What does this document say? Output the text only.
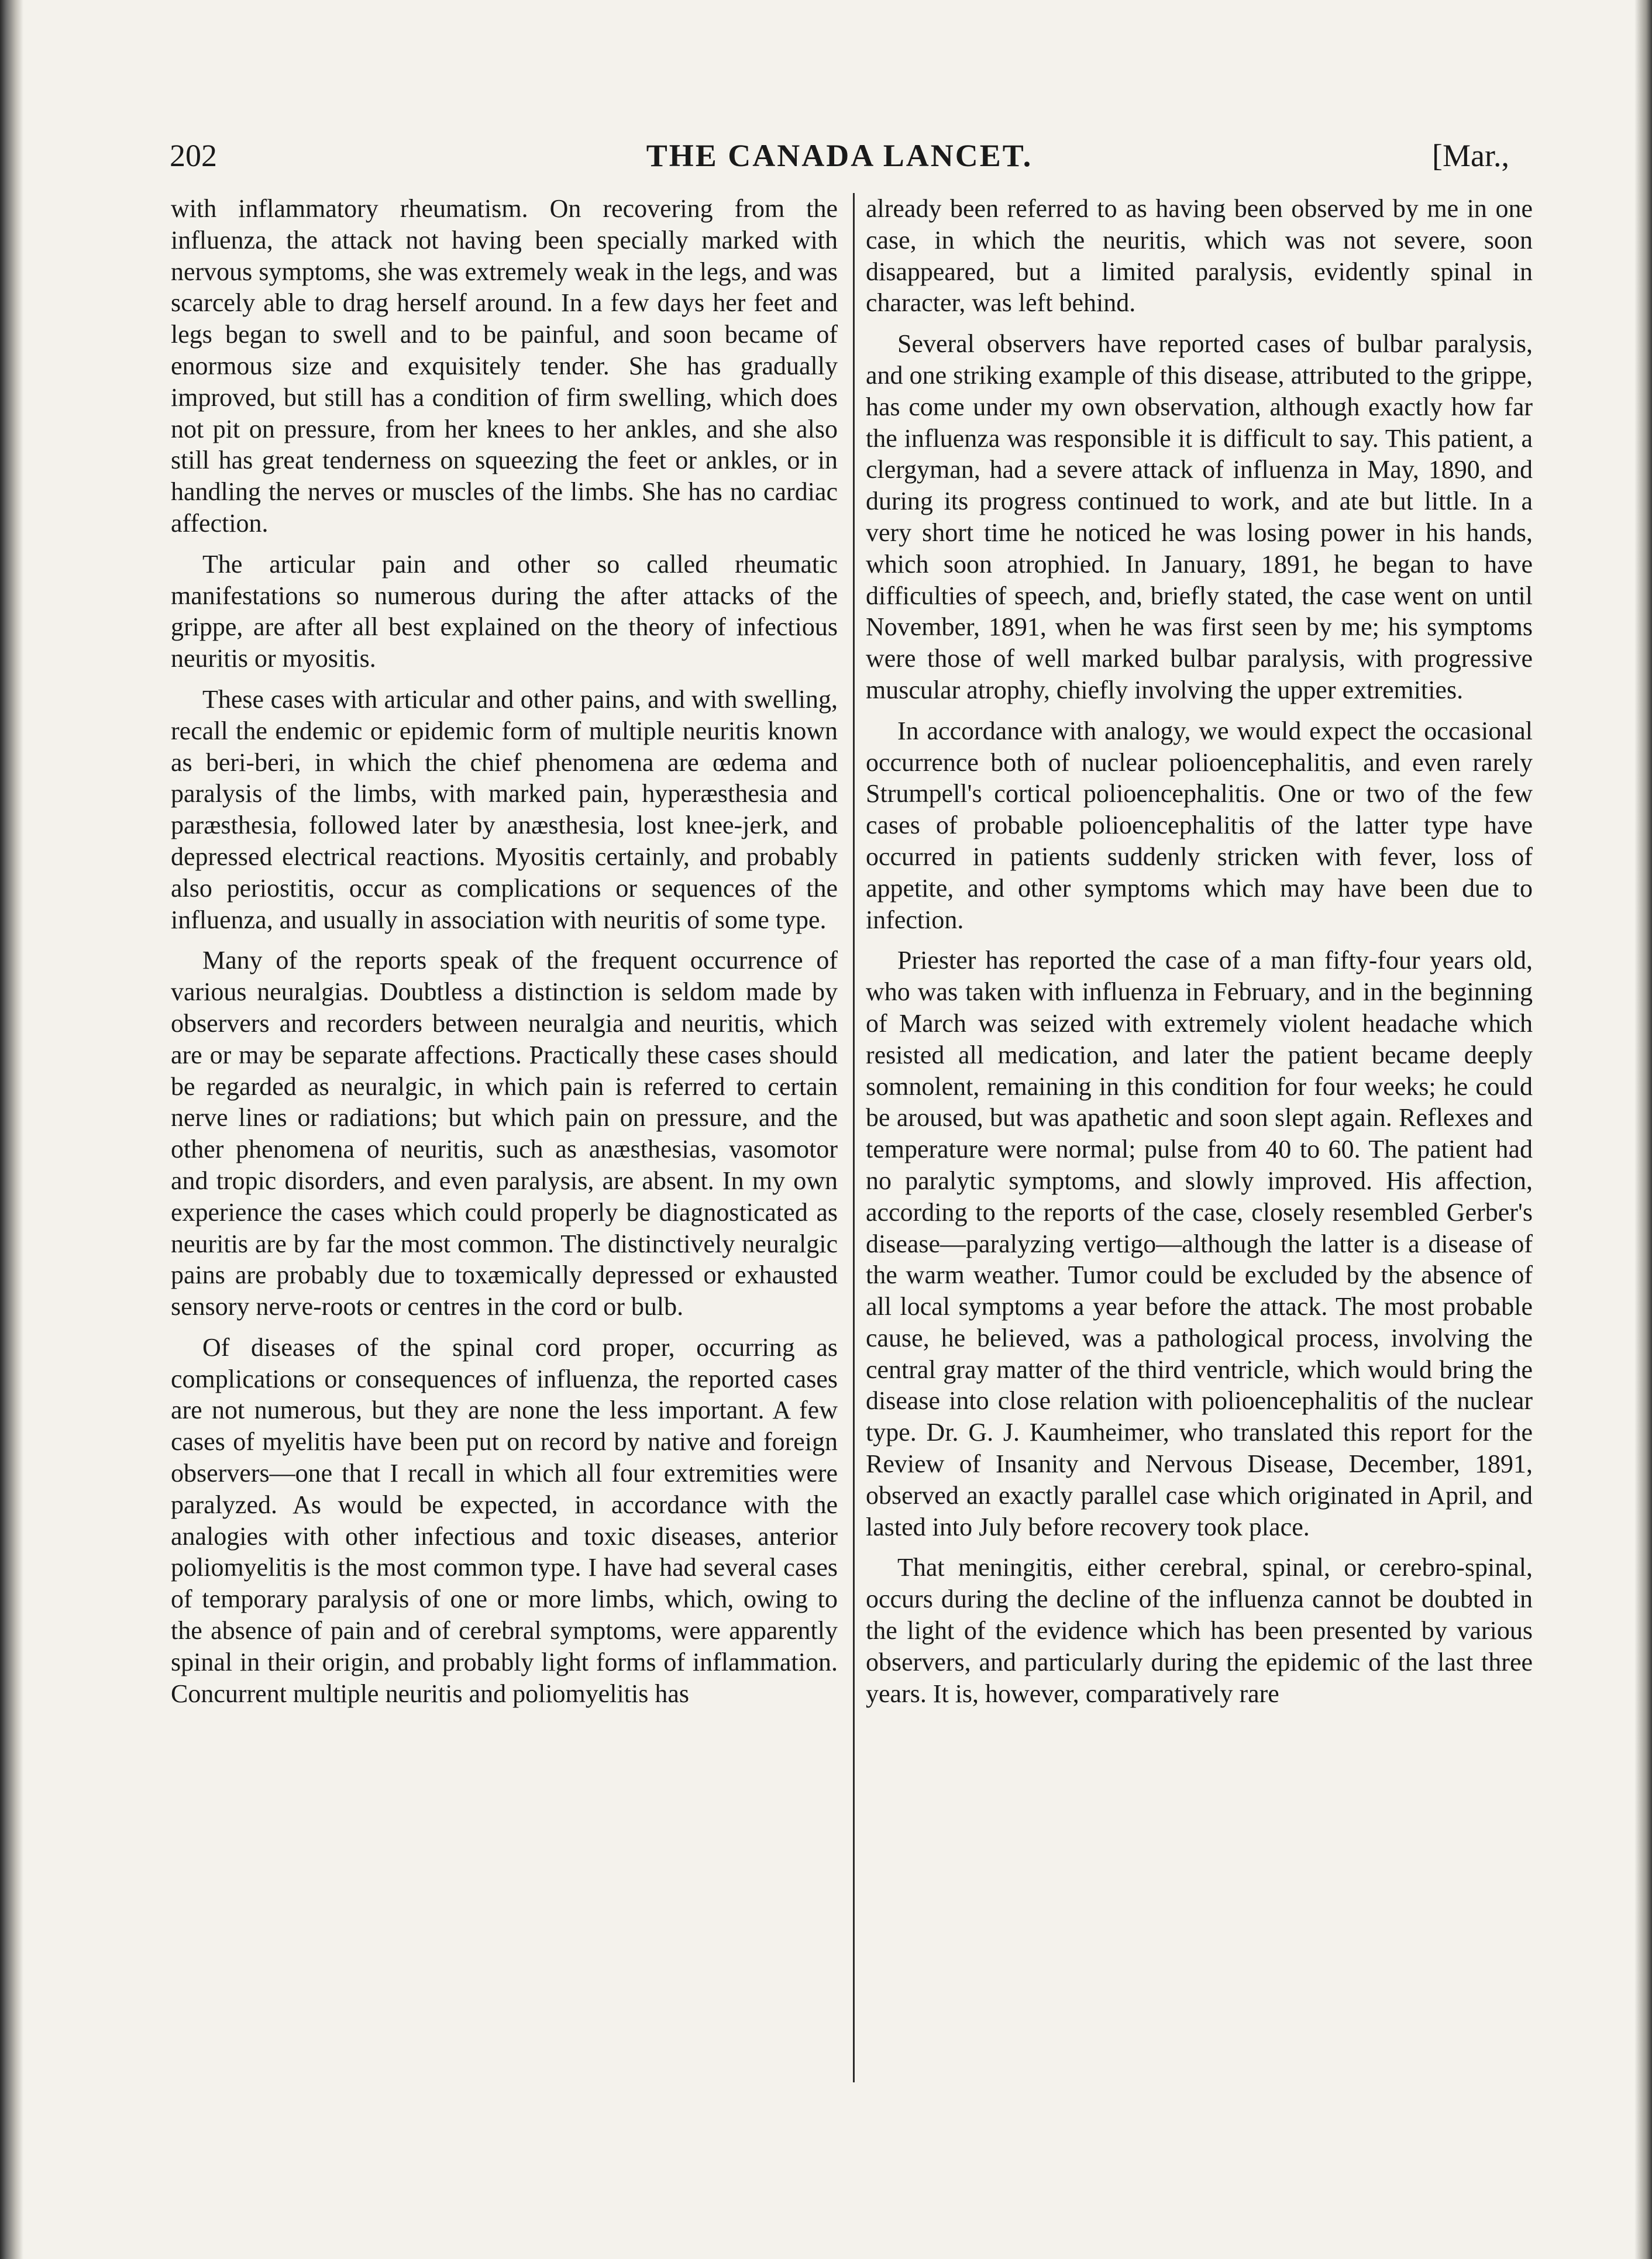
202	THE CANADA LANCET.	[Mar.,

with inflammatory rheumatism. On recovering from the influenza, the attack not having been specially marked with nervous symptoms, she was extremely weak in the legs, and was scarcely able to drag herself around. In a few days her feet and legs began to swell and to be painful, and soon became of enormous size and exquisitely tender. She has gradually improved, but still has a condition of firm swelling, which does not pit on pressure, from her knees to her ankles, and she also still has great tenderness on squeezing the feet or ankles, or in handling the nerves or muscles of the limbs. She has no cardiac affection.

The articular pain and other so called rheumatic manifestations so numerous during the after attacks of the grippe, are after all best explained on the theory of infectious neuritis or myositis.

These cases with articular and other pains, and with swelling, recall the endemic or epidemic form of multiple neuritis known as beri-beri, in which the chief phenomena are œdema and paralysis of the limbs, with marked pain, hyperæsthesia and paræsthesia, followed later by anæsthesia, lost knee-jerk, and depressed electrical reactions. Myositis certainly, and probably also periostitis, occur as complications or sequences of the influenza, and usually in association with neuritis of some type.

Many of the reports speak of the frequent occurrence of various neuralgias. Doubtless a distinction is seldom made by observers and recorders between neuralgia and neuritis, which are or may be separate affections. Practically these cases should be regarded as neuralgic, in which pain is referred to certain nerve lines or radiations; but which pain on pressure, and the other phenomena of neuritis, such as anæsthesias, vasomotor and tropic disorders, and even paralysis, are absent. In my own experience the cases which could properly be diagnosticated as neuritis are by far the most common. The distinctively neuralgic pains are probably due to toxæmically depressed or exhausted sensory nerve-roots or centres in the cord or bulb.

Of diseases of the spinal cord proper, occurring as complications or consequences of influenza, the reported cases are not numerous, but they are none the less important. A few cases of myelitis have been put on record by native and foreign observers—one that I recall in which all four extremities were paralyzed. As would be expected, in accordance with the analogies with other infectious and toxic diseases, anterior poliomyelitis is the most common type. I have had several cases of temporary paralysis of one or more limbs, which, owing to the absence of pain and of cerebral symptoms, were apparently spinal in their origin, and probably light forms of inflammation. Concurrent multiple neuritis and poliomyelitis has

already been referred to as having been observed by me in one case, in which the neuritis, which was not severe, soon disappeared, but a limited paralysis, evidently spinal in character, was left behind.

Several observers have reported cases of bulbar paralysis, and one striking example of this disease, attributed to the grippe, has come under my own observation, although exactly how far the influenza was responsible it is difficult to say. This patient, a clergyman, had a severe attack of influenza in May, 1890, and during its progress continued to work, and ate but little. In a very short time he noticed he was losing power in his hands, which soon atrophied. In January, 1891, he began to have difficulties of speech, and, briefly stated, the case went on until November, 1891, when he was first seen by me; his symptoms were those of well marked bulbar paralysis, with progressive muscular atrophy, chiefly involving the upper extremities.

In accordance with analogy, we would expect the occasional occurrence both of nuclear polioencephalitis, and even rarely Strumpell's cortical polioencephalitis. One or two of the few cases of probable polioencephalitis of the latter type have occurred in patients suddenly stricken with fever, loss of appetite, and other symptoms which may have been due to infection.

Priester has reported the case of a man fifty-four years old, who was taken with influenza in February, and in the beginning of March was seized with extremely violent headache which resisted all medication, and later the patient became deeply somnolent, remaining in this condition for four weeks; he could be aroused, but was apathetic and soon slept again. Reflexes and temperature were normal; pulse from 40 to 60. The patient had no paralytic symptoms, and slowly improved. His affection, according to the reports of the case, closely resembled Gerber's disease—paralyzing vertigo—although the latter is a disease of the warm weather. Tumor could be excluded by the absence of all local symptoms a year before the attack. The most probable cause, he believed, was a pathological process, involving the central gray matter of the third ventricle, which would bring the disease into close relation with polioencephalitis of the nuclear type. Dr. G. J. Kaumheimer, who translated this report for the Review of Insanity and Nervous Disease, December, 1891, observed an exactly parallel case which originated in April, and lasted into July before recovery took place.

That meningitis, either cerebral, spinal, or cerebro-spinal, occurs during the decline of the influenza cannot be doubted in the light of the evidence which has been presented by various observers, and particularly during the epidemic of the last three years. It is, however, comparatively rare
